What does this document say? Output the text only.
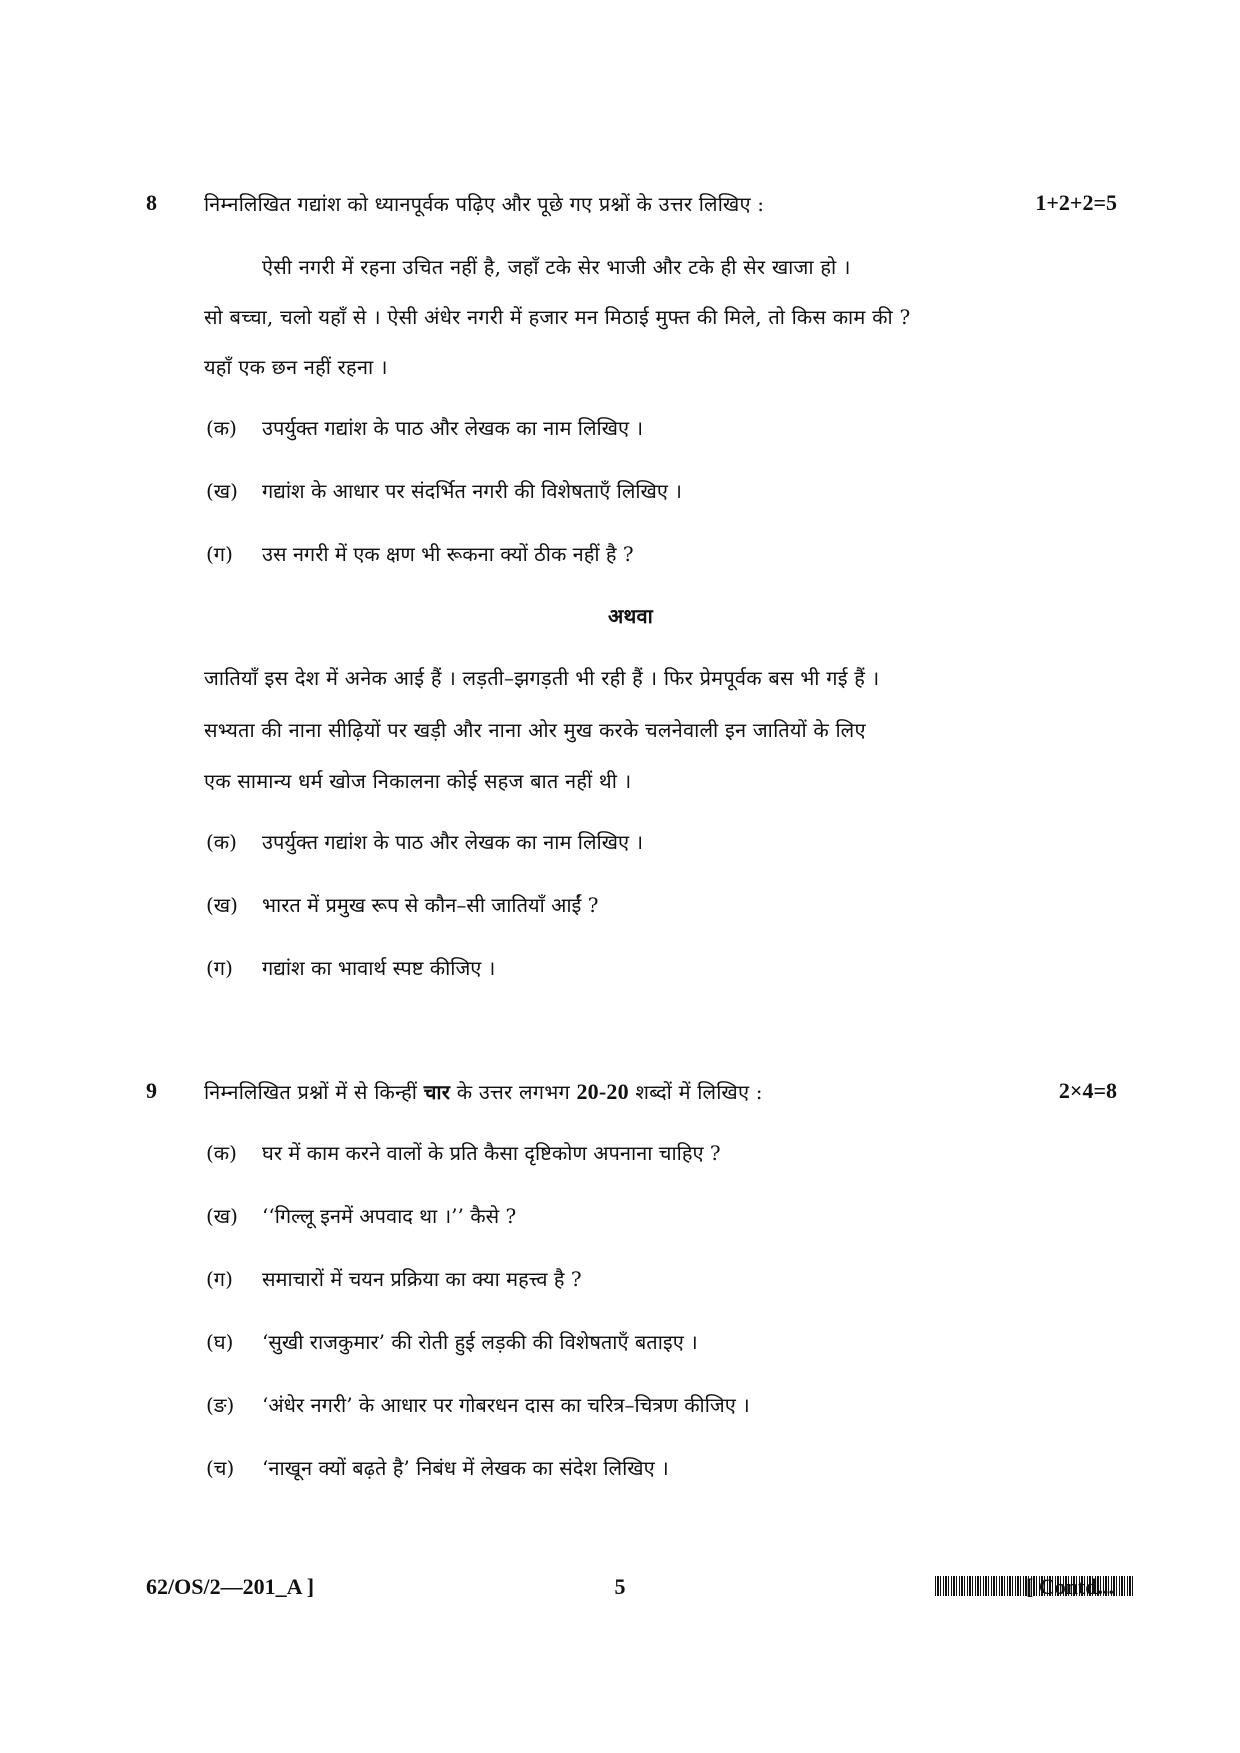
8 निम्नलिखित गद्यांश को ध्यानपूर्वक पढ़िए और पूछे गए प्रश्नों के उत्तर लिखिए :	1+2+2=5
ऐसी नगरी में रहना उचित नहीं है, जहाँ टके सेर भाजी और टके ही सेर खाजा हो ।
सो बच्चा, चलो यहाँ से । ऐसी अंधेर नगरी में हजार मन मिठाई मुफ्त की मिले, तो किस काम की ?
यहाँ एक छन नहीं रहना ।
(क) उपर्युक्त गद्यांश के पाठ और लेखक का नाम लिखिए ।
(ख) गद्यांश के आधार पर संदर्भित नगरी की विशेषताएँ लिखिए ।
(ग) उस नगरी में एक क्षण भी रूकना क्यों ठीक नहीं है ?
अथवा
जातियाँ इस देश में अनेक आई हैं । लड़ती–झगड़ती भी रही हैं । फिर प्रेमपूर्वक बस भी गई हैं ।
सभ्यता की नाना सीढ़ियों पर खड़ी और नाना ओर मुख करके चलनेवाली इन जातियों के लिए
एक सामान्य धर्म खोज निकालना कोई सहज बात नहीं थी ।
(क) उपर्युक्त गद्यांश के पाठ और लेखक का नाम लिखिए ।
(ख) भारत में प्रमुख रूप से कौन–सी जातियाँ आईं ?
(ग) गद्यांश का भावार्थ स्पष्ट कीजिए ।
9 निम्नलिखित प्रश्नों में से किन्हीं चार के उत्तर लगभग 20-20 शब्दों में लिखिए :	2×4=8
(क) घर में काम करने वालों के प्रति कैसा दृष्टिकोण अपनाना चाहिए ?
(ख) ‘‘गिल्लू इनमें अपवाद था ।’’ कैसे ?
(ग) समाचारों में चयन प्रक्रिया का क्या महत्त्व है ?
(घ) ‘सुखी राजकुमार’ की रोती हुई लड़की की विशेषताएँ बताइए ।
(ङ) ‘अंधेर नगरी’ के आधार पर गोबरधन दास का चरित्र–चित्रण कीजिए ।
(च) ‘नाखून क्यों बढ़ते है’ निबंध में लेखक का संदेश लिखिए ।
62/OS/2—201_A ]	5	[ Contd...
